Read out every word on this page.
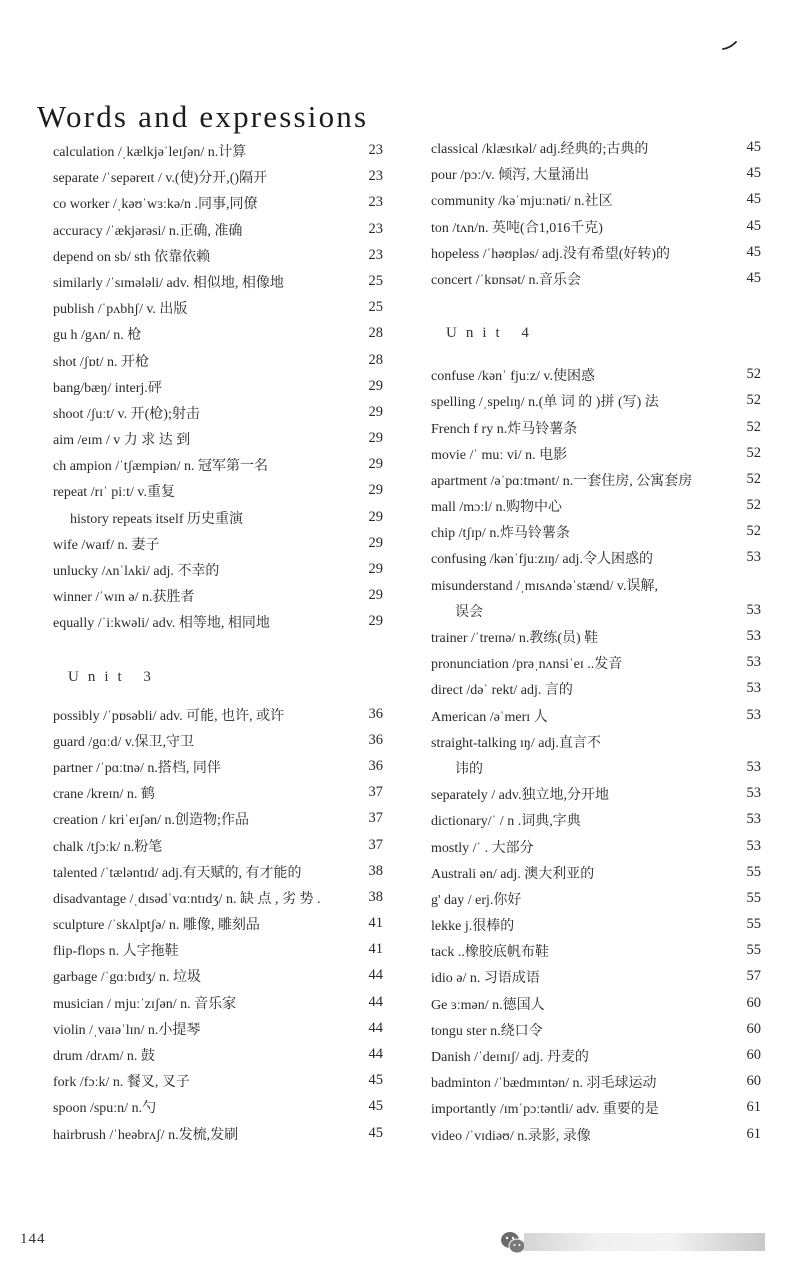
Words and expressions
calculation /ˌkælkjəˈleɪʃən/ n.计算	23
separate /ˈsepəreɪt / v.(使)分开,()隔开	23
co worker /ˌkəʊˈwɜːkə/n .同事,同僚	23
accuracy /ˈækjərəsi/ n.正确, 准确	23
depend on sb/ sth 依靠依赖	23
similarly /ˈsɪmələli/ adv. 相似地, 相像地	25
publish /ˈpʌbhʃ/ v. 出版	25
gu h /gʌn/ n. 枪	28
shot /ʃɒt/ n. 开枪	28
bang/bæŋ/ interj.砰	29
shoot /ʃuːt/ v. 开(枪);射击	29
aim /eɪm / v 力 求 达 到	29
ch ampion /ˈtʃæmpiən/ n. 冠军第一名	29
repeat /rɪˈ piːt/ v.重复	29
history repeats itself 历史重演	29
wife /waɪf/ n. 妻子	29
unlucky /ʌnˈlʌki/ adj. 不幸的	29
winner /ˈwɪn ə/ n.获胜者	29
equally /ˈiːkwəli/ adv. 相等地, 相同地	29
Unit 3
possibly /ˈpɒsəbli/ adv. 可能, 也许, 或许	36
guard /gɑːd/ v.保卫,守卫	36
partner /ˈpɑːtnə/ n.搭档, 同伴	36
crane /kreɪn/ n. 鹤	37
creation / kriˈeɪʃən/ n.创造物;作品	37
chalk /tʃɔːk/ n.粉笔	37
talented /ˈtæləntɪd/ adj.有天赋的, 有才能的	38
disadvantage /ˌdɪsədˈvɑːntɪdʒ/ n. 缺 点 , 劣 势 .	38
sculpture /ˈskʌlptʃə/ n. 雕像, 雕刻品	41
flip-flops n. 人字拖鞋	41
garbage /ˈgɑːbɪdʒ/ n. 垃圾	44
musician / mjuːˈzɪʃən/ n. 音乐家	44
violin /ˌvaɪəˈlɪn/ n.小提琴	44
drum /drʌm/ n. 鼓	44
fork /fɔːk/ n. 餐叉, 叉子	45
spoon /spuːn/ n.勺	45
hairbrush /ˈheəbrʌʃ/ n.发梳,发刷	45
classical /klæsɪkəl/ adj.经典的;古典的	45
pour /pɔː/v. 倾泻, 大量涌出	45
community /kəˈmjuːnəti/ n.社区	45
ton /tʌn/n. 英吨(合1,016千克)	45
hopeless /ˈhəʊpləs/ adj.没有希望(好转)的	45
concert /ˈkɒnsət/ n.音乐会	45
Unit 4
confuse /kənˈ fjuːz/ v.使困惑	52
spelling /ˌspelɪŋ/ n.(单 词 的 )拼 (写) 法	52
French f ry n.炸马铃薯条	52
movie /ˈ muː vi/ n. 电影	52
apartment /əˈpɑːtmənt/ n.一套住房, 公寓套房	52
mall /mɔːl/ n.购物中心	52
chip /tʃɪp/ n.炸马铃薯条	52
confusing /kənˈfjuːzɪŋ/ adj.令人困惑的	53
misunderstand /ˌmɪsʌndəˈstænd/ v.误解,
误会	53
trainer /ˈtreɪnə/ n.教练(员) 鞋	53
pronunciation /prəˌnʌnsiˈeɪ ..发音	53
direct /dəˈ rekt/ adj. 言的	53
American /əˈmerɪ 人	53
straight-talking ɪŋ/ adj.直言不
讳的	53
separately / adv.独立地,分开地	53
dictionary/ˈ / n .词典,字典	53
mostly /ˈ . 大部分	53
Australi ən/ adj. 澳大利亚的	55
g' day / erj.你好	55
lekke j.很棒的	55
tack ..橡胶底帆布鞋	55
idio ə/ n. 习语成语	57
Ge ɜːmən/ n.德国人	60
tongu ster n.绕口令	60
Danish /ˈdeɪnɪʃ/ adj. 丹麦的	60
badminton /ˈbædmɪntən/ n. 羽毛球运动	60
importantly /ɪmˈpɔːtəntli/ adv. 重要的是	61
video /ˈvɪdiəʊ/ n.录影, 录像	61
144
